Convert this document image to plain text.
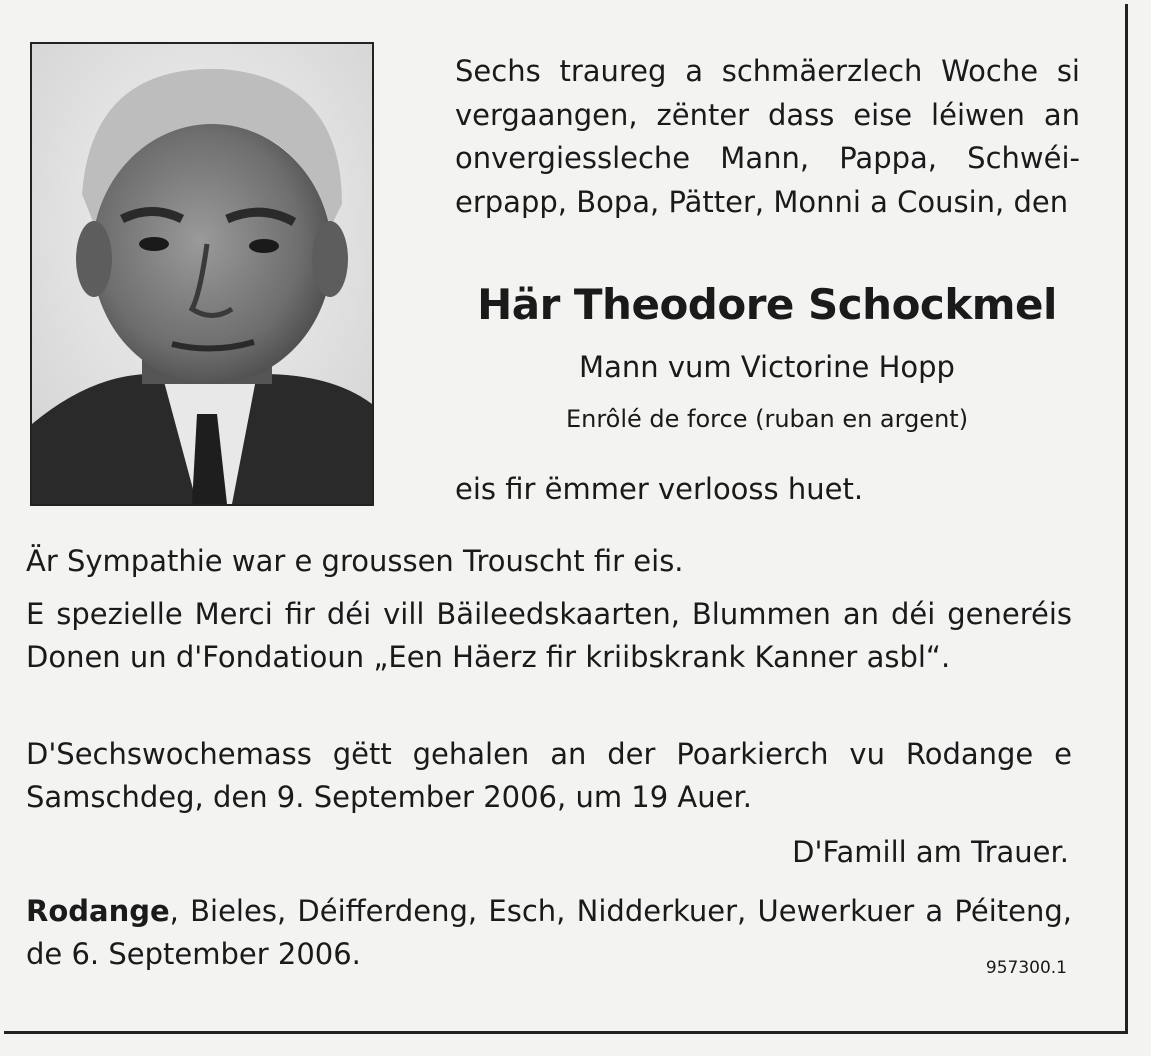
Sechs traureg a schmäerzlech Woche si vergaangen, zënter dass eise léiwen an onvergiessleche Mann, Pappa, Schwéi- erpapp, Bopa, Pätter, Monni a Cousin, den
Här Theodore Schockmel
Mann vum Victorine Hopp
Enrôlé de force (ruban en argent)
eis fir ëmmer verlooss huet.
Är Sympathie war e groussen Trouscht fir eis.
E spezielle Merci fir déi vill Bäileedskaarten, Blummen an déi generéis Donen un d'Fondatioun „Een Häerz fir kriibskrank Kanner asbl“.
D'Sechswochemass gëtt gehalen an der Poarkierch vu Rodange e Samschdeg, den 9. September 2006, um 19 Auer.
D'Famill am Trauer.
Rodange, Bieles, Déifferdeng, Esch, Nidderkuer, Uewerkuer a Péiteng, de 6. September 2006.	957300.1
